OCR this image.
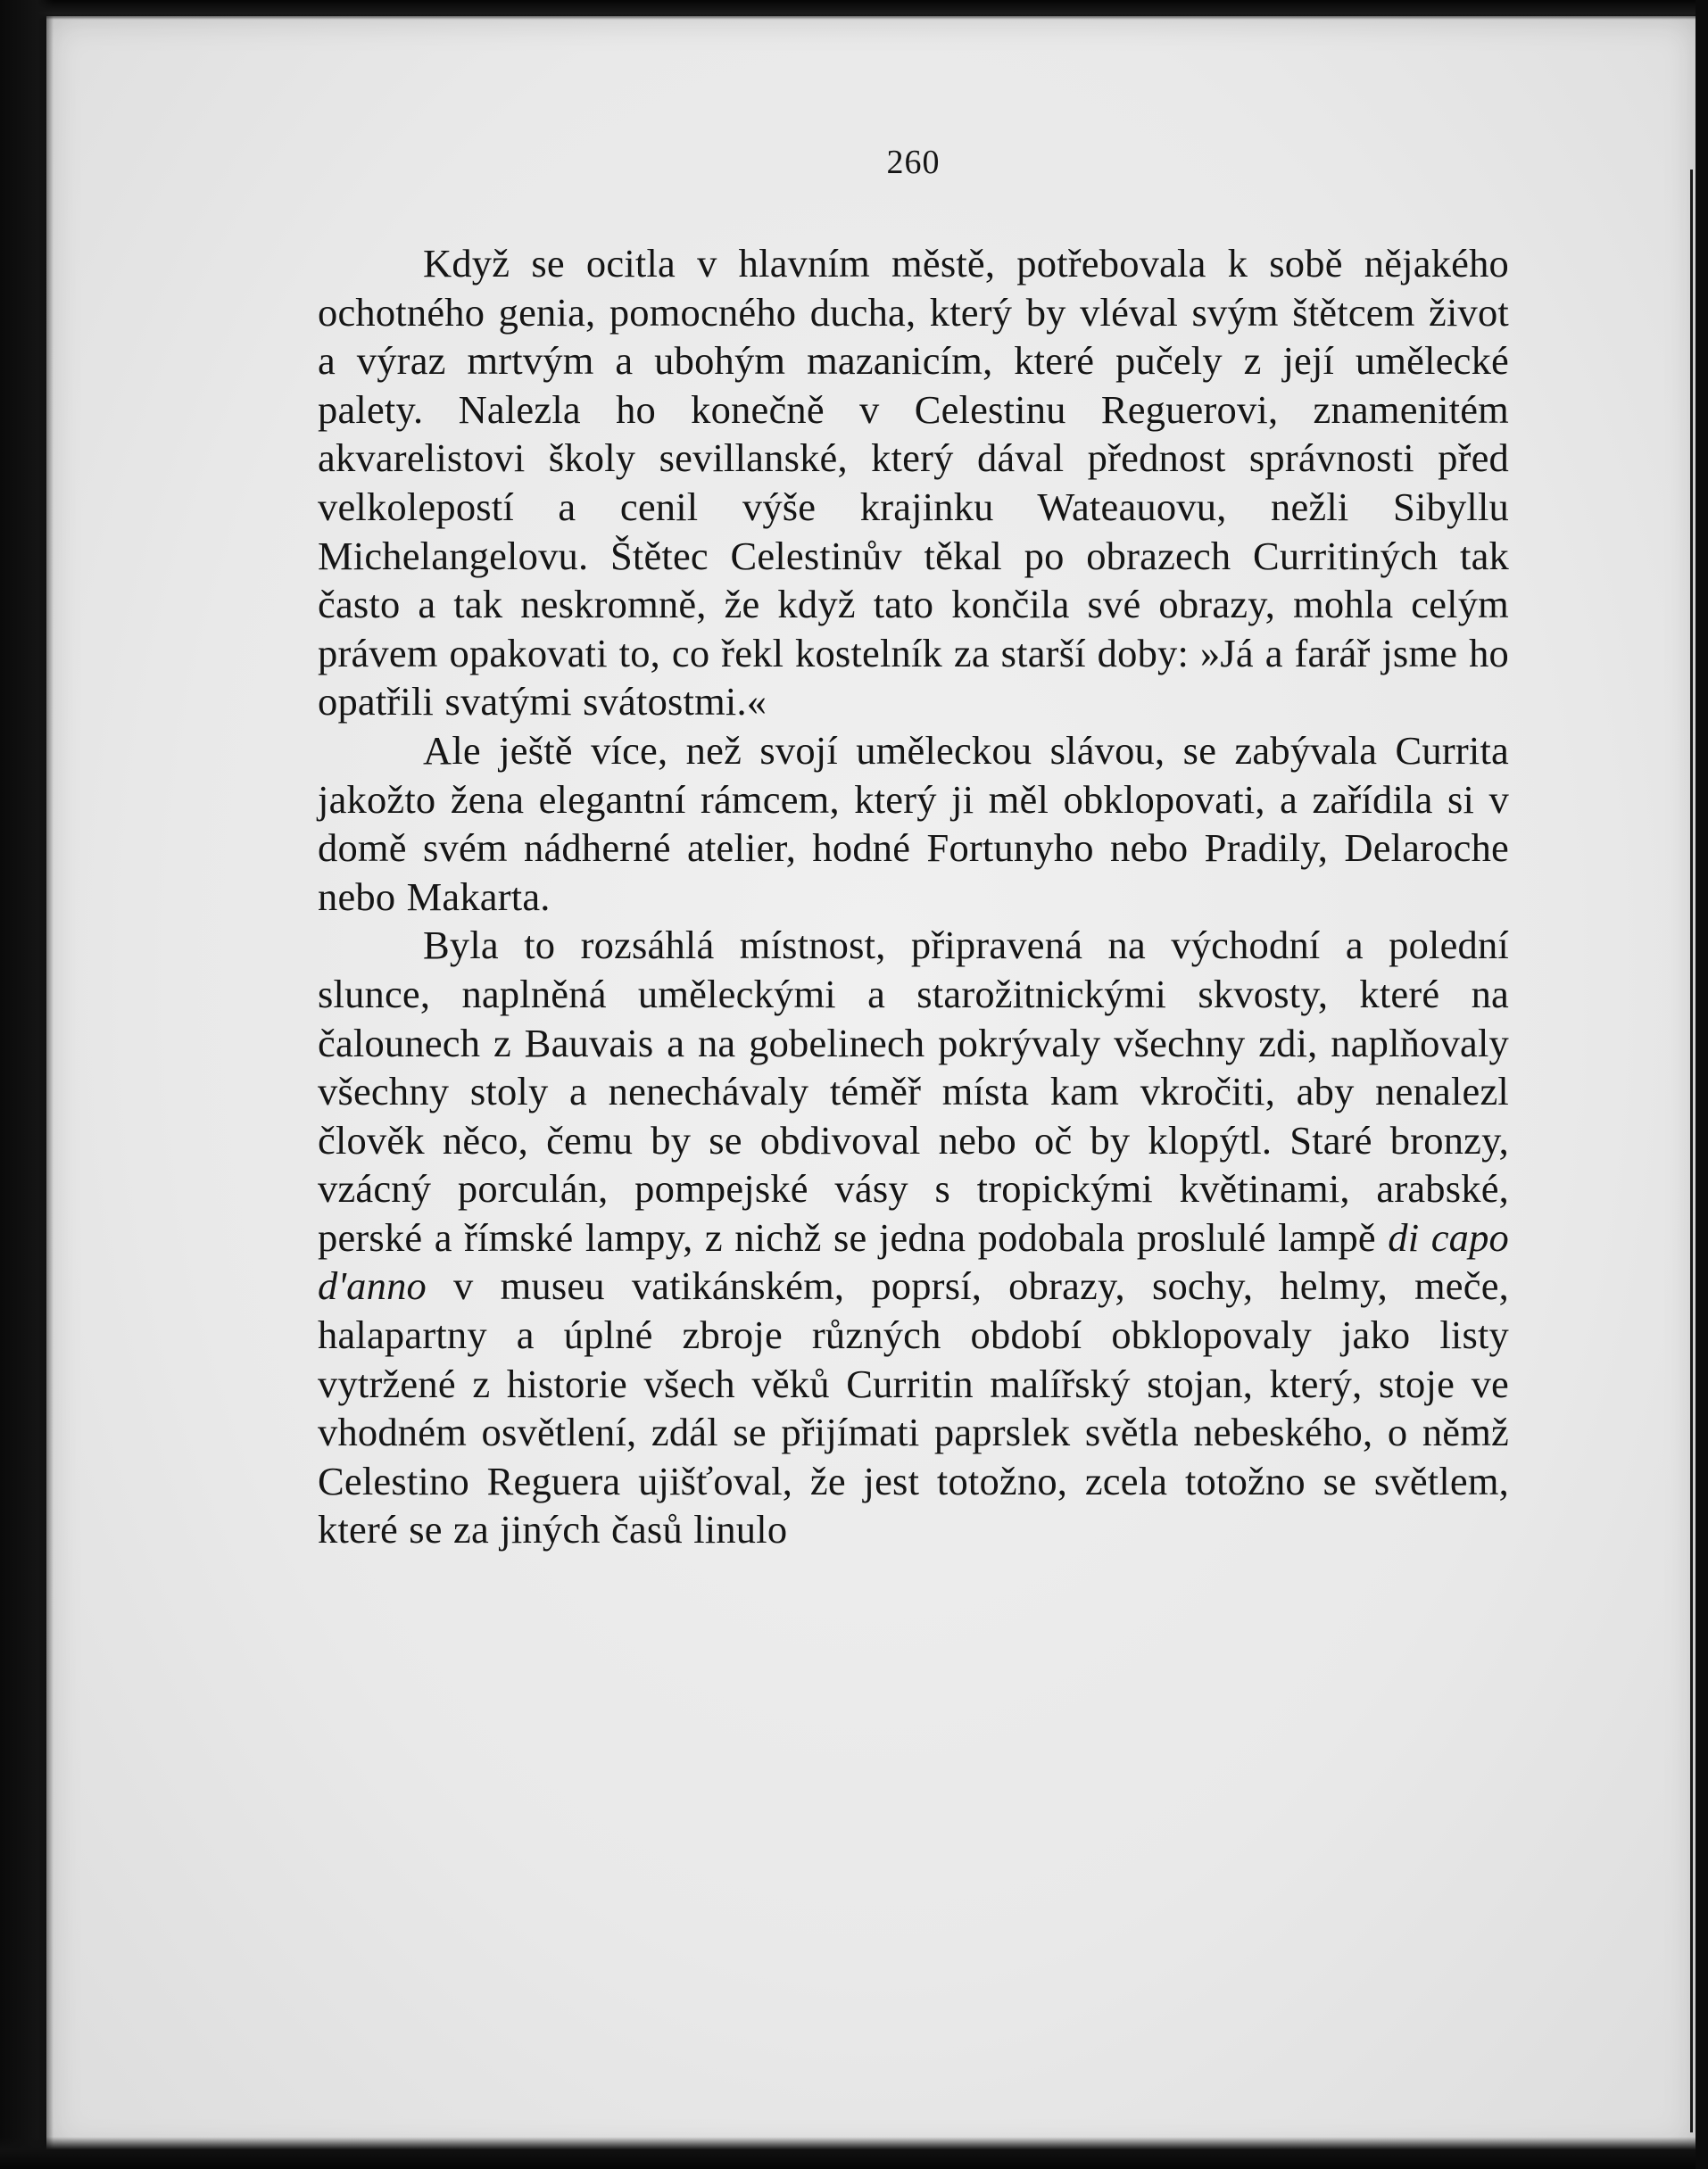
260

Když se ocitla v hlavním městě, potřebovala k sobě nějakého ochotného genia, pomocného ducha, který by vléval svým štětcem život a výraz mrtvým a ubohým mazanicím, které pučely z její umělecké palety. Nalezla ho konečně v Celestinu Reguerovi, znamenitém akvarelistovi školy sevillanské, který dával přednost správnosti před velkolepostí a cenil výše krajinku Wateauovu, nežli Sibyllu Michelangelovu. Štětec Celestinův těkal po obrazech Curritiných tak často a tak neskromně, že když tato končila své obrazy, mohla celým právem opakovati to, co řekl kostelník za starší doby: »Já a farář jsme ho opatřili svatými svátostmi.«

Ale ještě více, než svojí uměleckou slávou, se zabývala Currita jakožto žena elegantní rámcem, který ji měl obklopovati, a zařídila si v domě svém nádherné atelier, hodné Fortunyho nebo Pradily, Delaroche nebo Makarta.

Byla to rozsáhlá místnost, připravená na východní a polední slunce, naplněná uměleckými a starožitnickými skvosty, které na čalounech z Bauvais a na gobelinech pokrývaly všechny zdi, naplňovaly všechny stoly a nenechávaly téměř místa kam vkročiti, aby nenalezl člověk něco, čemu by se obdivoval nebo oč by klopýtl. Staré bronzy, vzácný porculán, pompejské vásy s tropickými květinami, arabské, perské a římské lampy, z nichž se jedna podobala proslulé lampě di capo d'anno v museu vatikánském, poprsí, obrazy, sochy, helmy, meče, halapartny a úplné zbroje různých období obklopovaly jako listy vytržené z historie všech věků Curritin malířský stojan, který, stoje ve vhodném osvětlení, zdál se přijímati paprslek světla nebeského, o němž Celestino Reguera ujišťoval, že jest totožno, zcela totožno se světlem, které se za jiných časů linulo
